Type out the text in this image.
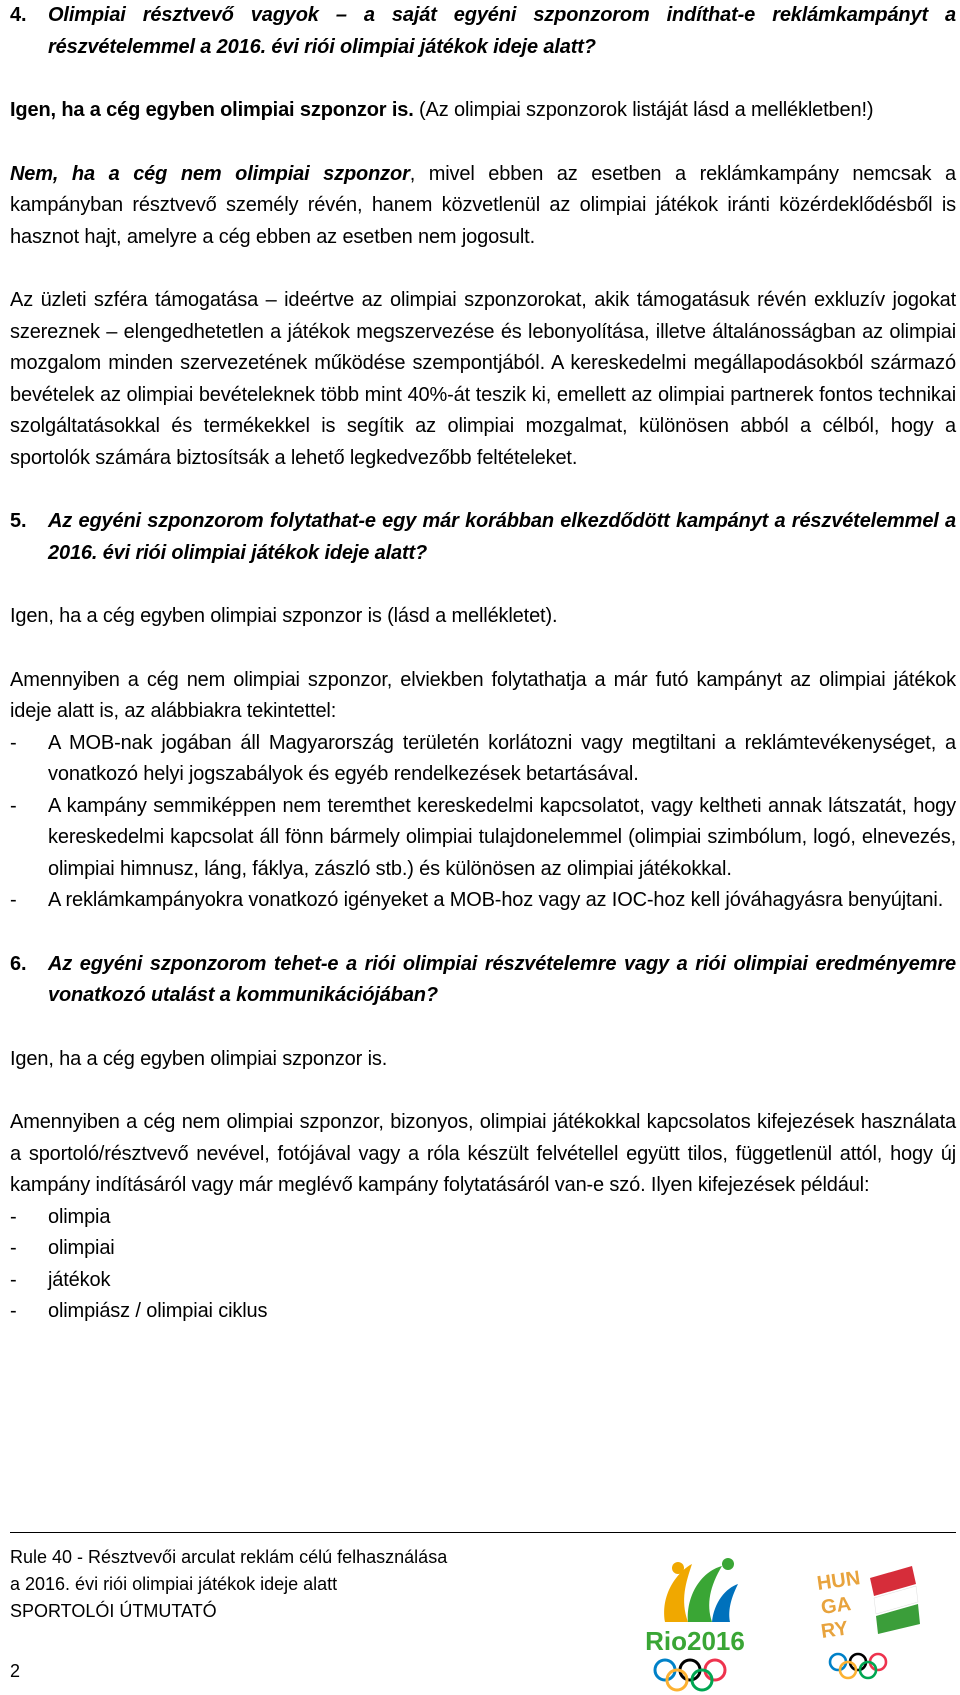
4.	Olimpiai résztvevő vagyok – a saját egyéni szponzorom indíthat-e reklámkampányt a részvételemmel a 2016. évi riói olimpiai játékok ideje alatt?

Igen, ha a cég egyben olimpiai szponzor is. (Az olimpiai szponzorok listáját lásd a mellékletben!)

Nem, ha a cég nem olimpiai szponzor, mivel ebben az esetben a reklámkampány nemcsak a kampányban résztvevő személy révén, hanem közvetlenül az olimpiai játékok iránti közérdeklődésből is hasznot hajt, amelyre a cég ebben az esetben nem jogosult.

Az üzleti szféra támogatása – ideértve az olimpiai szponzorokat, akik támogatásuk révén exkluzív jogokat szereznek – elengedhetetlen a játékok megszervezése és lebonyolítása, illetve általánosságban az olimpiai mozgalom minden szervezetének működése szempontjából. A kereskedelmi megállapodásokból származó bevételek az olimpiai bevételeknek több mint 40%-át teszik ki, emellett az olimpiai partnerek fontos technikai szolgáltatásokkal és termékekkel is segítik az olimpiai mozgalmat, különösen abból a célból, hogy a sportolók számára biztosítsák a lehető legkedvezőbb feltételeket.

5.	Az egyéni szponzorom folytathat-e egy már korábban elkezdődött kampányt a részvételemmel a 2016. évi riói olimpiai játékok ideje alatt?

Igen, ha a cég egyben olimpiai szponzor is (lásd a mellékletet).

Amennyiben a cég nem olimpiai szponzor, elviekben folytathatja a már futó kampányt az olimpiai játékok ideje alatt is, az alábbiakra tekintettel:

-	A MOB-nak jogában áll Magyarország területén korlátozni vagy megtiltani a reklámtevékenységet, a vonatkozó helyi jogszabályok és egyéb rendelkezések betartásával.
-	A kampány semmiképpen nem teremthet kereskedelmi kapcsolatot, vagy keltheti annak látszatát, hogy kereskedelmi kapcsolat áll fönn bármely olimpiai tulajdonelemmel (olimpiai szimbólum, logó, elnevezés, olimpiai himnusz, láng, fáklya, zászló stb.) és különösen az olimpiai játékokkal.
-	A reklámkampányokra vonatkozó igényeket a MOB-hoz vagy az IOC-hoz kell jóváhagyásra benyújtani.
6.	Az egyéni szponzorom tehet-e a riói olimpiai részvételemre vagy a riói olimpiai eredményemre vonatkozó utalást a kommunikációjában?

Igen, ha a cég egyben olimpiai szponzor is.

Amennyiben a cég nem olimpiai szponzor, bizonyos, olimpiai játékokkal kapcsolatos kifejezések használata a sportoló/résztvevő nevével, fotójával vagy a róla készült felvétellel együtt tilos, függetlenül attól, hogy új kampány indításáról vagy már meglévő kampány folytatásáról van-e szó. Ilyen kifejezések például:

-	olimpia
-	olimpiai
-	játékok
-	olimpiász / olimpiai ciklus
Rule 40 - Résztvevői arculat reklám célú felhasználása
a 2016. évi riói olimpiai játékok ideje alatt
SPORTOLÓI ÚTMUTATÓ
2
Rio2016
HUN
GA
RY
